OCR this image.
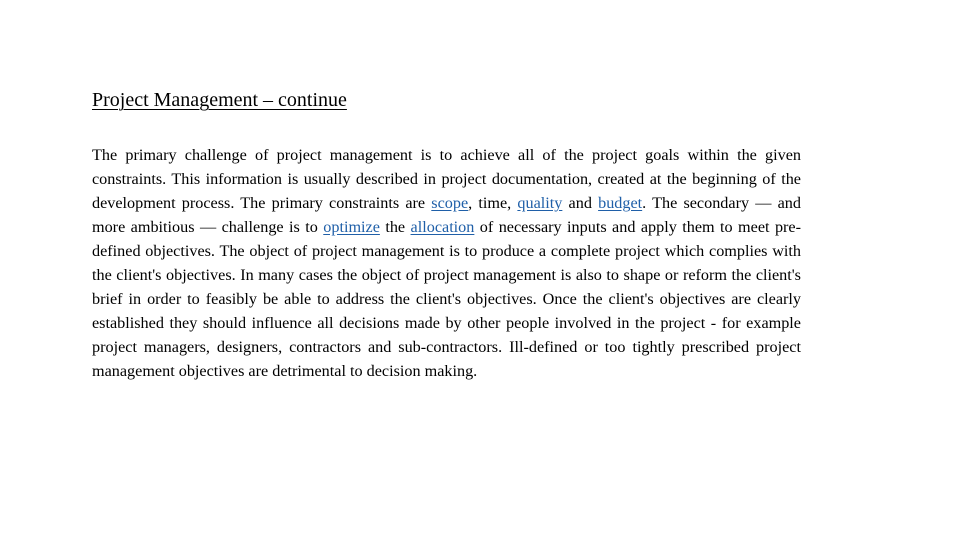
Project Management – continue

The primary challenge of project management is to achieve all of the project goals within the given constraints. This information is usually described in project documentation, created at the beginning of the development process. The primary constraints are scope, time, quality and budget. The secondary — and more ambitious — challenge is to optimize the allocation of necessary inputs and apply them to meet pre-defined objectives. The object of project management is to produce a complete project which complies with the client's objectives. In many cases the object of project management is also to shape or reform the client's brief in order to feasibly be able to address the client's objectives. Once the client's objectives are clearly established they should influence all decisions made by other people involved in the project - for example project managers, designers, contractors and sub-contractors. Ill-defined or too tightly prescribed project management objectives are detrimental to decision making.
